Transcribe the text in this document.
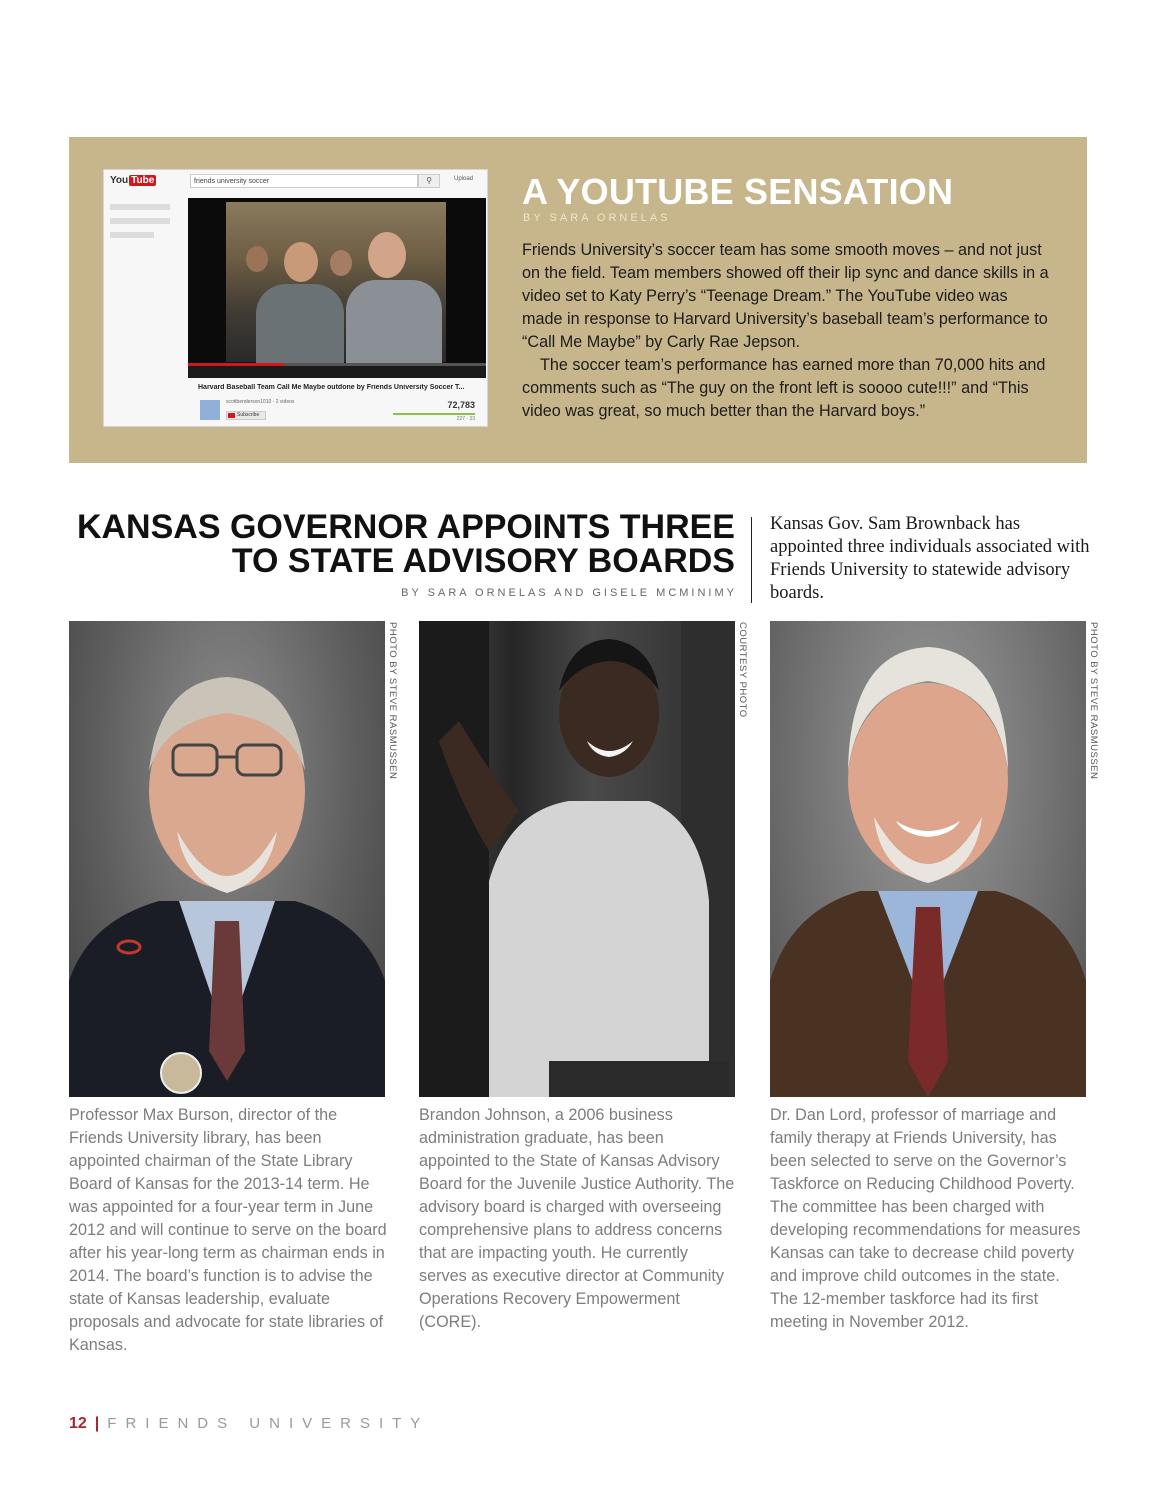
You Tube	friends university soccer	⚲	Upload
Harvard Baseball Team Call Me Maybe outdone by Friends University Soccer T...
scottbenderson1010 · 2 videos
Subscribe
72,783
227 · 33
A YOUTUBE SENSATION
BY SARA ORNELAS

Friends University’s soccer team has some smooth moves – and not just on the field. Team members showed off their lip sync and dance skills in a video set to Katy Perry’s “Teenage Dream.” The YouTube video was made in response to Harvard University’s baseball team’s performance to “Call Me Maybe” by Carly Rae Jepson.

The soccer team’s performance has earned more than 70,000 hits and comments such as “The guy on the front left is soooo cute!!!” and “This video was great, so much better than the Harvard boys.”

KANSAS GOVERNOR APPOINTS THREE
TO STATE ADVISORY BOARDS
BY SARA ORNELAS AND GISELE MCMINIMY
Kansas Gov. Sam Brownback has appointed three individuals associated with Friends University to statewide advisory boards.
PHOTO BY STEVE RASMUSSEN	COURTESY PHOTO	PHOTO BY STEVE RASMUSSEN

Professor Max Burson, director of the Friends University library, has been appointed chairman of the State Library Board of Kansas for the 2013-14 term. He was appointed for a four-year term in June 2012 and will continue to serve on the board after his year-long term as chairman ends in 2014. The board’s function is to advise the state of Kansas leadership, evaluate proposals and advocate for state libraries of Kansas.

Brandon Johnson, a 2006 business administration graduate, has been appointed to the State of Kansas Advisory Board for the Juvenile Justice Authority. The advisory board is charged with overseeing comprehensive plans to address concerns that are impacting youth. He currently serves as executive director at Community Operations Recovery Empowerment (CORE).

Dr. Dan Lord, professor of marriage and family therapy at Friends University, has been selected to serve on the Governor’s Taskforce on Reducing Childhood Poverty. The committee has been charged with developing recommendations for measures Kansas can take to decrease child poverty and improve child outcomes in the state. The 12-member taskforce had its first meeting in November 2012.

12 | FRIENDS UNIVERSITY
